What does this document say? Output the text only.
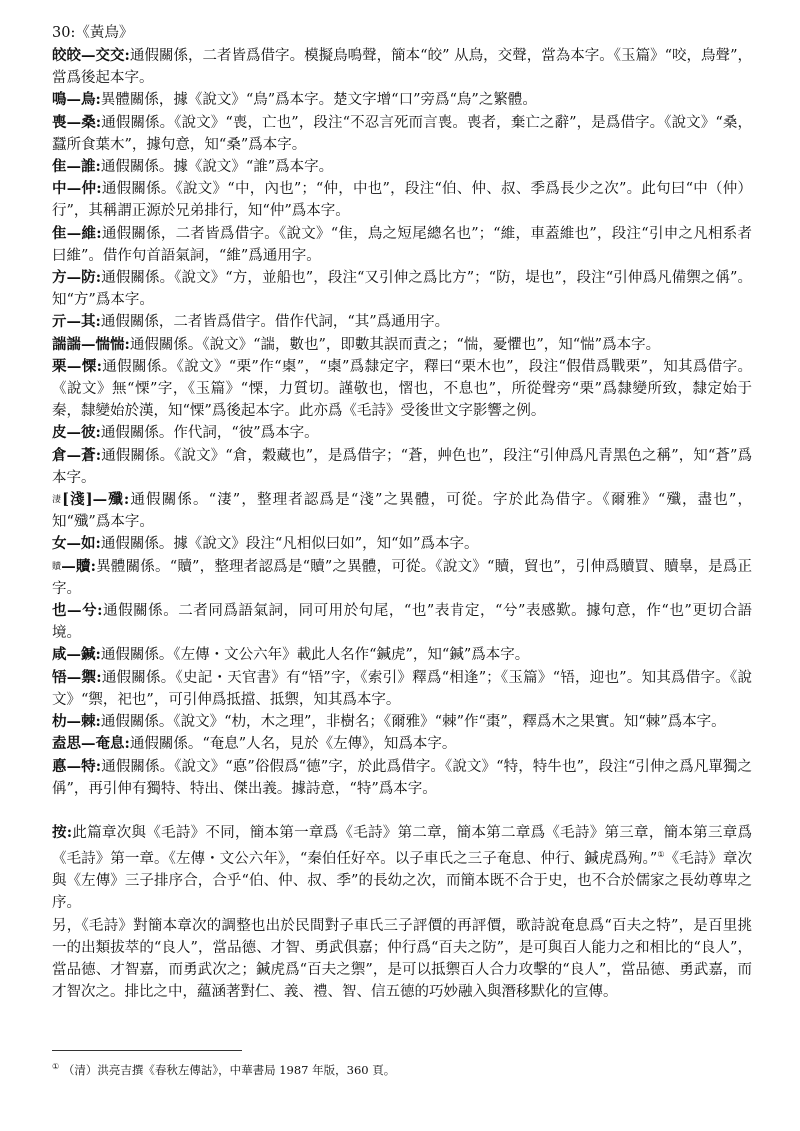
30:《黃鳥》

皎皎—交交:通假關係，二者皆爲借字。模擬鳥鳴聲，簡本“皎” 从鳥，交聲，當為本字。《玉篇》“咬，鳥聲”，當爲後起本字。

鳴—鳥:異體關係，據《說文》“鳥”爲本字。楚文字增“口”旁爲“鳥”之繁體。

喪—桑:通假關係。《說文》“喪，亡也”，段注“不忍言死而言喪。喪者，棄亡之辭”，是爲借字。《說文》“桑，蠶所食葉木”，據句意，知“桑”爲本字。

隹—誰:通假關係。據《說文》“誰”爲本字。

中—仲:通假關係。《說文》“中，內也”；“仲，中也”，段注“伯、仲、叔、季爲長少之次”。此句曰“中（仲）行”，其稱謂正源於兄弟排行，知“仲”爲本字。

隹—維:通假關係，二者皆爲借字。《說文》“隹，鳥之短尾總名也”；“維，車蓋維也”，段注“引申之凡相系者曰維”。借作句首語氣詞，“維”爲通用字。

方—防:通假關係。《說文》“方，並船也”，段注“又引伸之爲比方”；“防，堤也”，段注“引伸爲凡備禦之偁”。知“方”爲本字。

亓—其:通假關係，二者皆爲借字。借作代詞，“其”爲通用字。

諯諯—惴惴:通假關係。《說文》“諯，數也”，即數其誤而責之；“惴，憂懼也”，知“惴”爲本字。

栗—慄:通假關係。《說文》“栗”作“㮚”，“㮚”爲隸定字，釋曰“栗木也”，段注“假借爲戰栗”，知其爲借字。《說文》無“慄”字，《玉篇》“慄，力質切。謹敬也，慴也，不息也”，所從聲旁“栗”爲隸變所致，隸定始于秦，隸變始於漢，知“慄”爲後起本字。此亦爲《毛詩》受後世文字影響之例。

皮—彼:通假關係。作代詞，“彼”爲本字。

倉—蒼:通假關係。《說文》“倉，穀藏也”，是爲借字；“蒼，艸色也”，段注“引伸爲凡青黑色之稱”，知“蒼”爲本字。

$^淒$[淺]—殲:通假關係。“淒”，整理者認爲是“淺”之異體，可從。字於此為借字。《爾雅》“殲，盡也”，知“殲”爲本字。

女—如:通假關係。據《說文》段注“凡相似曰如”，知“如”爲本字。

$^贖$—贖:異體關係。“贖”，整理者認爲是“贖”之異體，可從。《說文》“贖，貿也”，引伸爲贖買、贖辠，是爲正字。

也—兮:通假關係。二者同爲語氣詞，同可用於句尾，“也”表肯定，“兮”表感歎。據句意，作“也”更切合語境。

咸—鍼:通假關係。《左傳・文公六年》載此人名作“鍼虎”，知“鍼”爲本字。

啎—禦:通假關係。《史記・天官書》有“啎”字，《索引》釋爲“相逢”；《玉篇》“啎，迎也”。知其爲借字。《說文》“禦，祀也”，可引伸爲抵擋、抵禦，知其爲本字。

朸—棘:通假關係。《說文》“朸，木之理”，非樹名；《爾雅》“棘”作“棗”，釋爲木之果實。知“棘”爲本字。

盍思—奄息:通假關係。“奄息”人名，見於《左傳》，知爲本字。

悳—特:通假關係。《說文》“悳”俗假爲“德”字，於此爲借字。《說文》“特，特牛也”，段注“引伸之爲凡單獨之偁”，再引伸有獨特、特出、傑出義。據詩意，“特”爲本字。

按:此篇章次與《毛詩》不同，簡本第一章爲《毛詩》第二章，簡本第二章爲《毛詩》第三章，簡本第三章爲《毛詩》第一章。《左傳・文公六年》，“秦伯任好卒。以子車氏之三子奄息、仲行、鍼虎爲殉。”①《毛詩》章次與《左傳》三子排序合，合乎“伯、仲、叔、季”的長幼之次，而簡本既不合于史，也不合於儒家之長幼尊卑之序。

另，《毛詩》對簡本章次的調整也出於民間對子車氏三子評價的再評價，歌詩說奄息爲“百夫之特”，是百里挑一的出類拔萃的“良人”，當品德、才智、勇武俱嘉；仲行爲“百夫之防”，是可與百人能力之和相比的“良人”，當品德、才智嘉，而勇武次之；鍼虎爲“百夫之禦”，是可以抵禦百人合力攻擊的“良人”，當品德、勇武嘉，而才智次之。排比之中，蘊涵著對仁、義、禮、智、信五德的巧妙融入與潛移默化的宣傳。

① （清）洪亮吉撰《春秋左傳詁》，中華書局 1987 年版，360 頁。
